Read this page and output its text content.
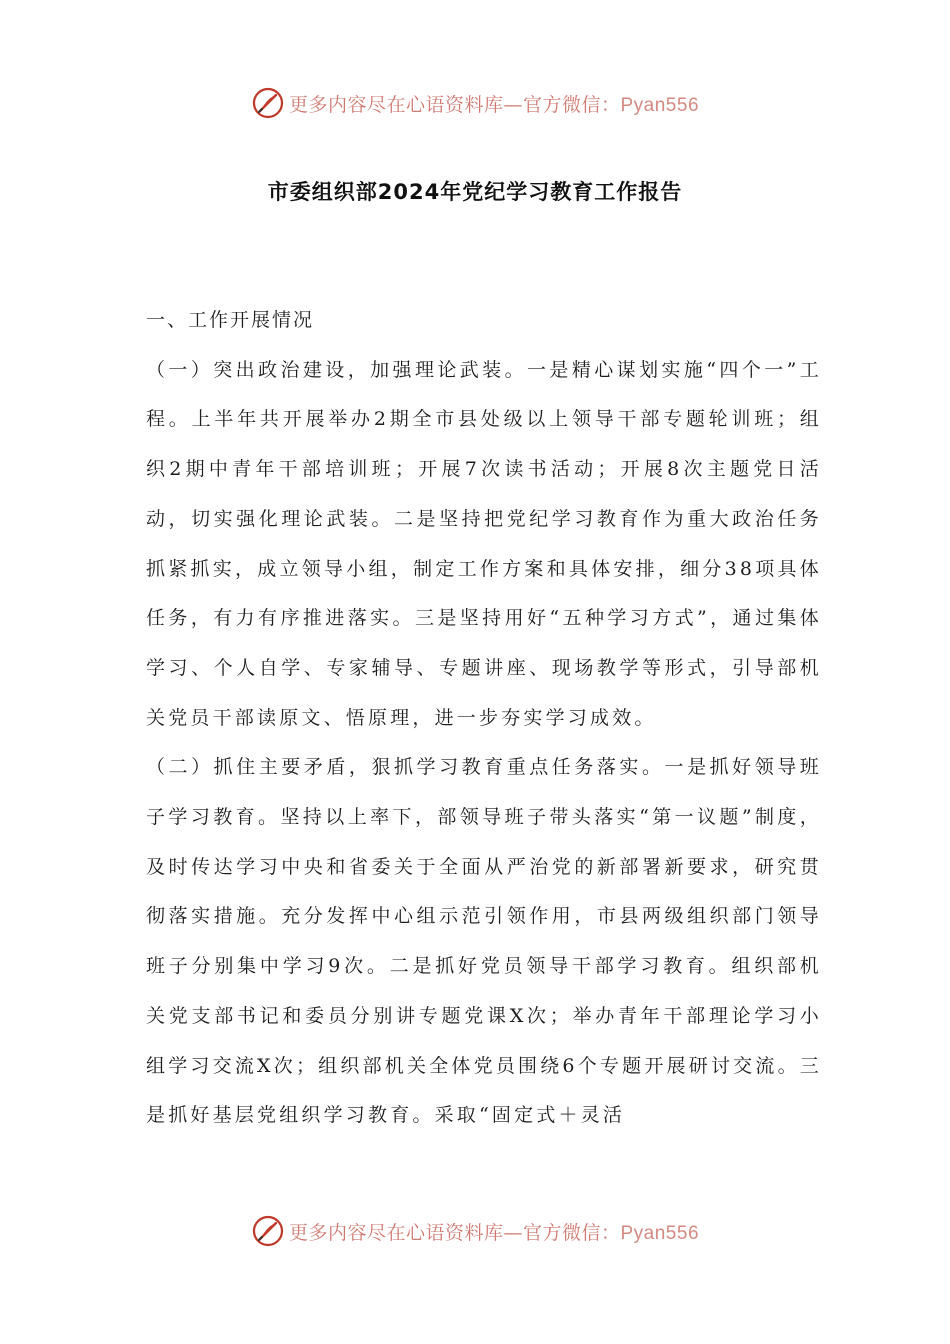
更多内容尽在心语资料库—官方微信：Pyan556
市委组织部2024年党纪学习教育工作报告

一、工作开展情况

（一）突出政治建设，加强理论武装。一是精心谋划实施“四个一”工程。上半年共开展举办2期全市县处级以上领导干部专题轮训班；组织2期中青年干部培训班；开展7次读书活动；开展8次主题党日活动，切实强化理论武装。二是坚持把党纪学习教育作为重大政治任务抓紧抓实，成立领导小组，制定工作方案和具体安排，细分38项具体任务，有力有序推进落实。三是坚持用好“五种学习方式”，通过集体学习、个人自学、专家辅导、专题讲座、现场教学等形式，引导部机关党员干部读原文、悟原理，进一步夯实学习成效。

（二）抓住主要矛盾，狠抓学习教育重点任务落实。一是抓好领导班子学习教育。坚持以上率下，部领导班子带头落实“第一议题”制度，及时传达学习中央和省委关于全面从严治党的新部署新要求，研究贯彻落实措施。充分发挥中心组示范引领作用，市县两级组织部门领导班子分别集中学习9次。二是抓好党员领导干部学习教育。组织部机关党支部书记和委员分别讲专题党课X次；举办青年干部理论学习小组学习交流X次；组织部机关全体党员围绕6个专题开展研讨交流。三是抓好基层党组织学习教育。采取“固定式＋灵活

更多内容尽在心语资料库—官方微信：Pyan556
